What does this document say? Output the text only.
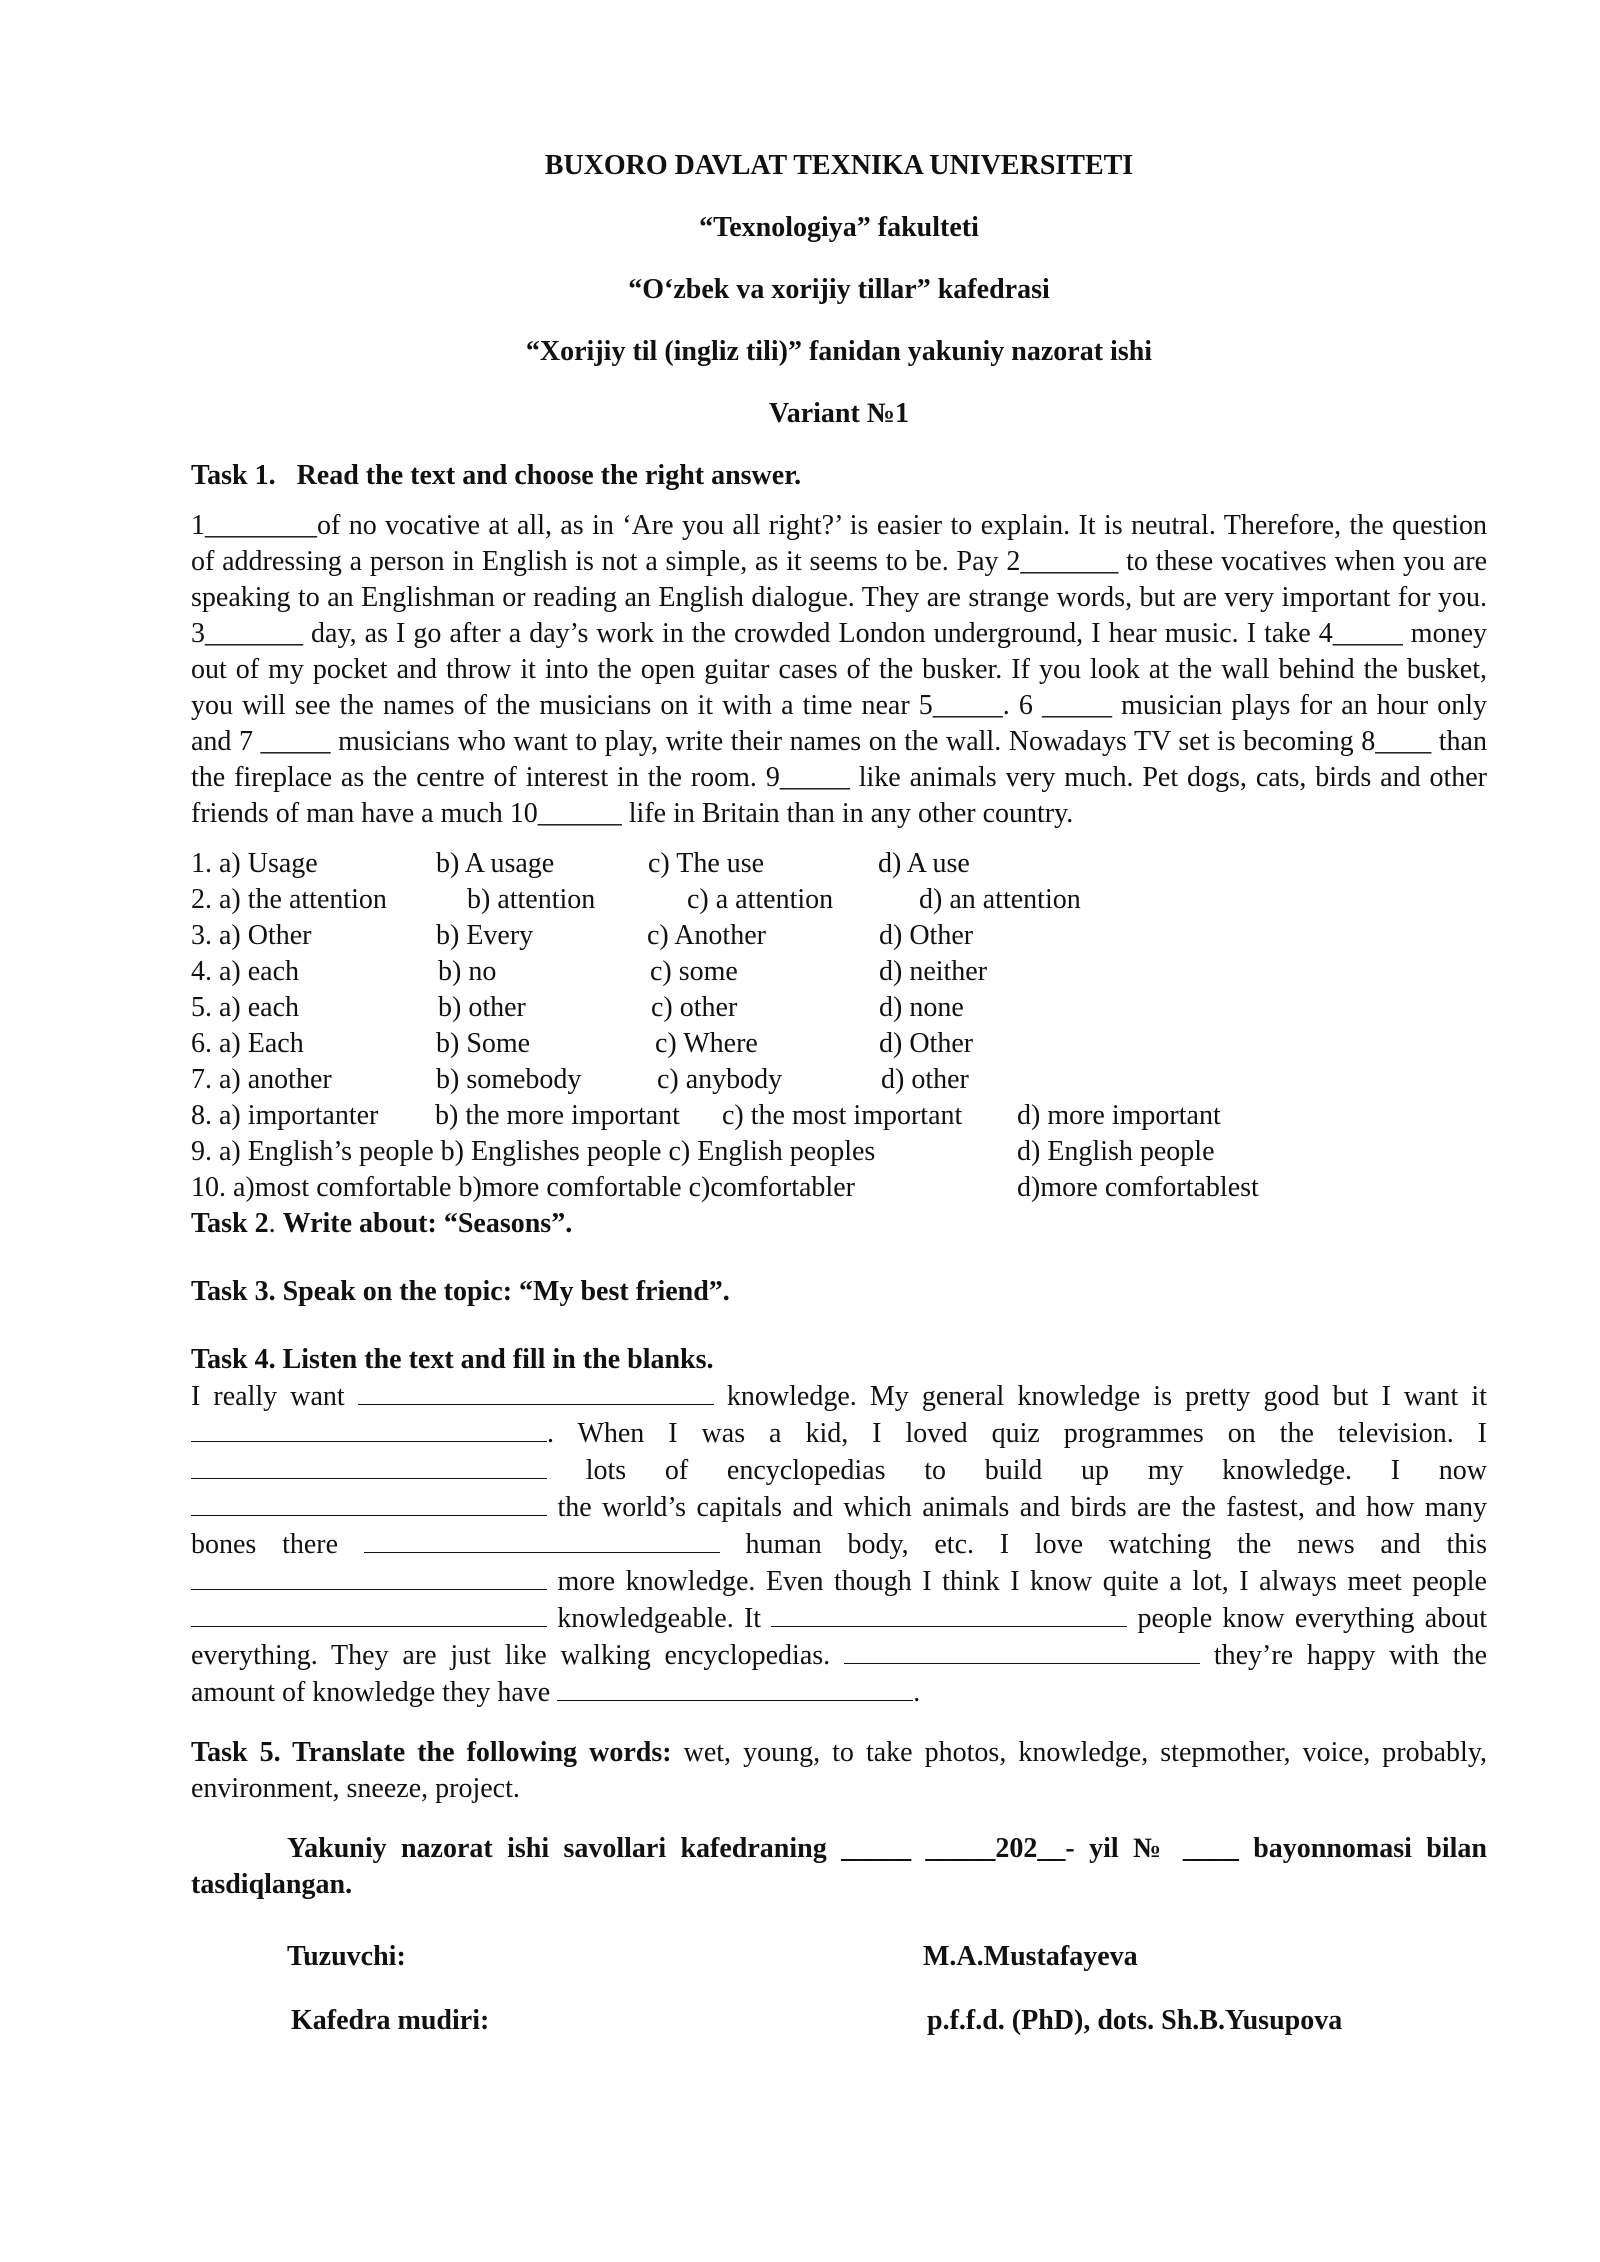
BUXORO DAVLAT TEXNIKA UNIVERSITETI
“Texnologiya” fakulteti
“O‘zbek va xorijiy tillar” kafedrasi
“Xorijiy til (ingliz tili)” fanidan yakuniy nazorat ishi
Variant №1
Task 1.   Read the text and choose the right answer.

1________of no vocative at all, as in ‘Are you all right?’ is easier to explain. It is neutral. Therefore, the question of addressing a person in English is not a simple, as it seems to be. Pay 2_______ to these vocatives when you are speaking to an Englishman or reading an English dialogue. They are strange words, but are very important for you. 3_______ day, as I go after a day’s work in the crowded London underground, I hear music. I take 4_____ money out of my pocket and throw it into the open guitar cases of the busker. If you look at the wall behind the busket, you will see the names of the musicians on it with a time near 5_____. 6 _____ musician plays for an hour only and 7 _____ musicians who want to play, write their names on the wall. Nowadays TV set is becoming 8____ than the fireplace as the centre of interest in the room. 9_____ like animals very much. Pet dogs, cats, birds and other friends of man have a much 10______ life in Britain than in any other country.

1. a) Usage	b) A usage	c) The use	d) A use
2. a) the attention	b) attention	c) a attention	d) an attention
3. a) Other	b) Every	c) Another	d) Other
4. a) each	b) no	c) some	d) neither
5. a) each	b) other	c) other	d) none
6. a) Each	b) Some	c) Where	d) Other
7. a) another	b) somebody	c) anybody	d) other
8. a) importanter b) the more important c) the most important d) more important
9. a) English’s people b) Englishes people c) English peoples	d) English people
10. a)most comfortable b)more comfortable c)comfortabler	d)more comfortablest
Task 2. Write about: “Seasons”.
Task 3. Speak on the topic: “My best friend”.
Task 4. Listen the text and fill in the blanks.

I really want	knowledge. My general knowledge is pretty good but I want it . When I was a kid, I loved quiz programmes on the television. I  lots of encyclopedias to build up my knowledge. I now  the world’s capitals and which animals and birds are the fastest, and how many bones there	human body, etc. I love watching the news and this  more knowledge. Even though I think I know quite a lot, I always meet people  knowledgeable. It	people know everything about everything. They are just like walking encyclopedias.	they’re happy with the amount of knowledge they have	.

Task 5. Translate the following words: wet, young, to take photos, knowledge, stepmother, voice, probably, environment, sneeze, project.

Yakuniy nazorat ishi savollari kafedraning _____ _____202__- yil № ____ bayonnomasi bilan tasdiqlangan.

Tuzuvchi:	M.A.Mustafayeva
Kafedra mudiri:	p.f.f.d. (PhD), dots. Sh.B.Yusupova
